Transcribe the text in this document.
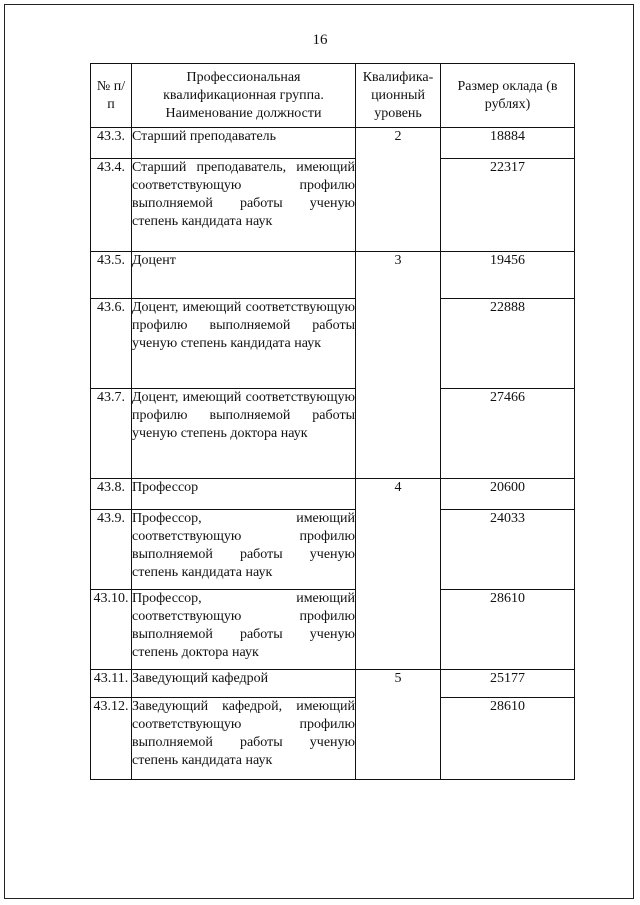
16
№ п/п	Профессиональная квалификационная группа. Наименование должности	Квалифика-ционный уровень	Размер оклада (в рублях)
43.3.	Старший преподаватель	2	18884
43.4.	Старший преподаватель, имеющий соответствующую профилю выполняемой работы ученую степень кандидата наук		22317
43.5.	Доцент	3	19456
43.6.	Доцент, имеющий соответствующую профилю выполняемой работы ученую степень кандидата наук		22888
43.7.	Доцент, имеющий соответствующую профилю выполняемой работы ученую степень доктора наук		27466
43.8.	Профессор	4	20600
43.9.	Профессор, имеющий соответствующую профилю выполняемой работы ученую степень кандидата наук		24033
43.10.	Профессор, имеющий соответствующую профилю выполняемой работы ученую степень доктора наук		28610
43.11.	Заведующий кафедрой	5	25177
43.12.	Заведующий кафедрой, имеющий соответствующую профилю выполняемой работы ученую степень кандидата наук		28610
